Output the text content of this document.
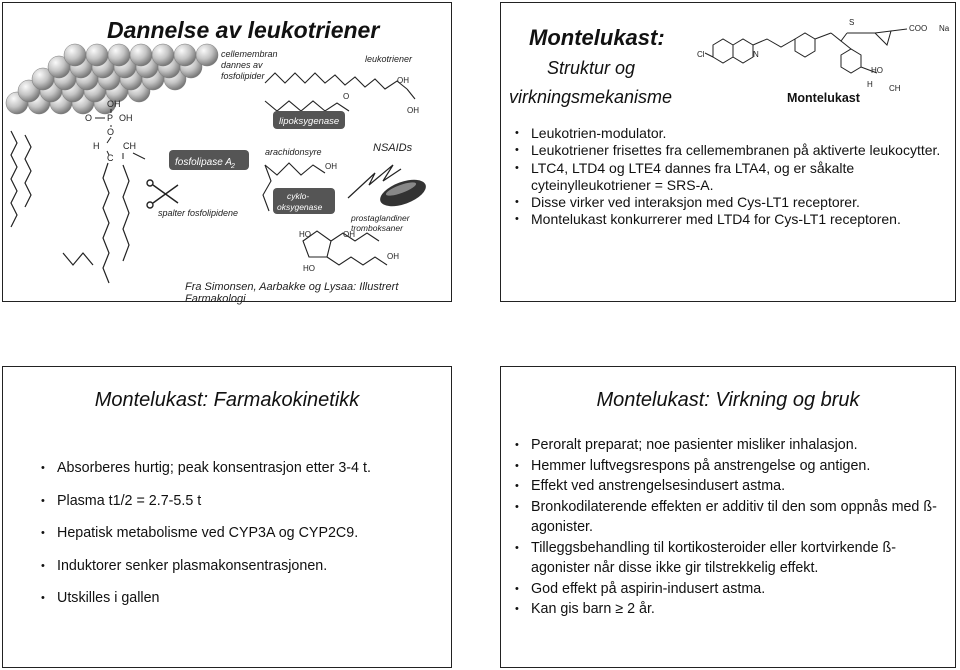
Dannelse av leukotriener
OH
O P OH
O
H	CH
C	fosfolipase A 2
spalter fosfolipidene
cellemembran
dannes av
fosfolipider
leukotriener
arachidonsyre
OH
O
OH
lipoksygenase
OH
NSAIDs
cyklo-
oksygenase
HO	OH
HO
OH
prostaglandiner
tromboksaner
Fra Simonsen, Aarbakke og Lysaa: Illustrert Farmakologi
Montelukast:
Struktur og
virkningsmekanisme
Cl	N
S
COO Na
HO
H CH
Montelukast
• Leukotrien-modulator.
• Leukotriener frisettes fra cellemembranen på aktiverte leukocytter.
• LTC4, LTD4 og LTE4 dannes fra LTA4, og er såkalte cyteinylleukotriener = SRS-A.
• Disse virker ved interaksjon med Cys-LT1 receptorer.
• Montelukast konkurrerer med LTD4 for Cys-LT1 receptoren.
Montelukast: Farmakokinetikk
• Absorberes hurtig; peak konsentrasjon etter 3-4 t.
• Plasma t1/2 = 2.7-5.5 t
• Hepatisk metabolisme ved CYP3A og CYP2C9.
• Induktorer senker plasmakonsentrasjonen.
• Utskilles i gallen
Montelukast: Virkning og bruk
• Peroralt preparat; noe pasienter misliker inhalasjon.
• Hemmer luftvegsrespons på anstrengelse og antigen.
• Effekt ved anstrengelsesindusert astma.
• Bronkodilaterende effekten er additiv til den som oppnås med ß-agonister.
• Tilleggsbehandling til kortikosteroider eller kortvirkende ß-agonister når disse ikke gir tilstrekkelig effekt.
• God effekt på aspirin-indusert astma.
• Kan gis barn ≥ 2 år.
